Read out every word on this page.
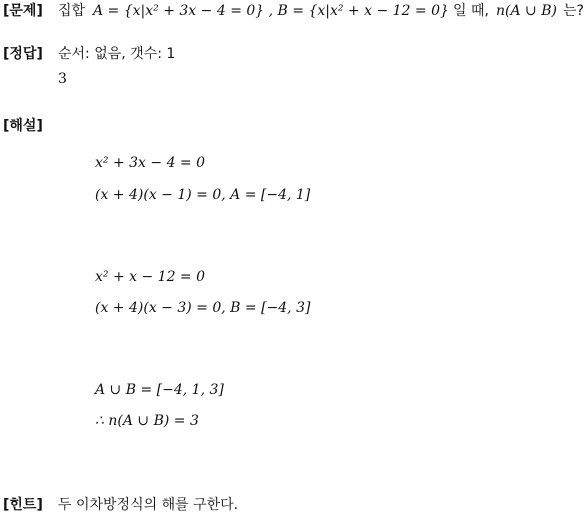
[문제] 집합 A = {x|x² + 3x − 4 = 0} , B = {x|x² + x − 12 = 0} 일 때, n(A ∪ B) 는?
[정답] 순서: 없음, 갯수: 1
3
[해설]
x² + 3x − 4 = 0
(x + 4)(x − 1) = 0, A = [−4, 1]
x² + x − 12 = 0
(x + 4)(x − 3) = 0, B = [−4, 3]
A ∪ B = [−4, 1, 3]
∴ n(A ∪ B) = 3
[힌트] 두 이차방정식의 해를 구한다.
